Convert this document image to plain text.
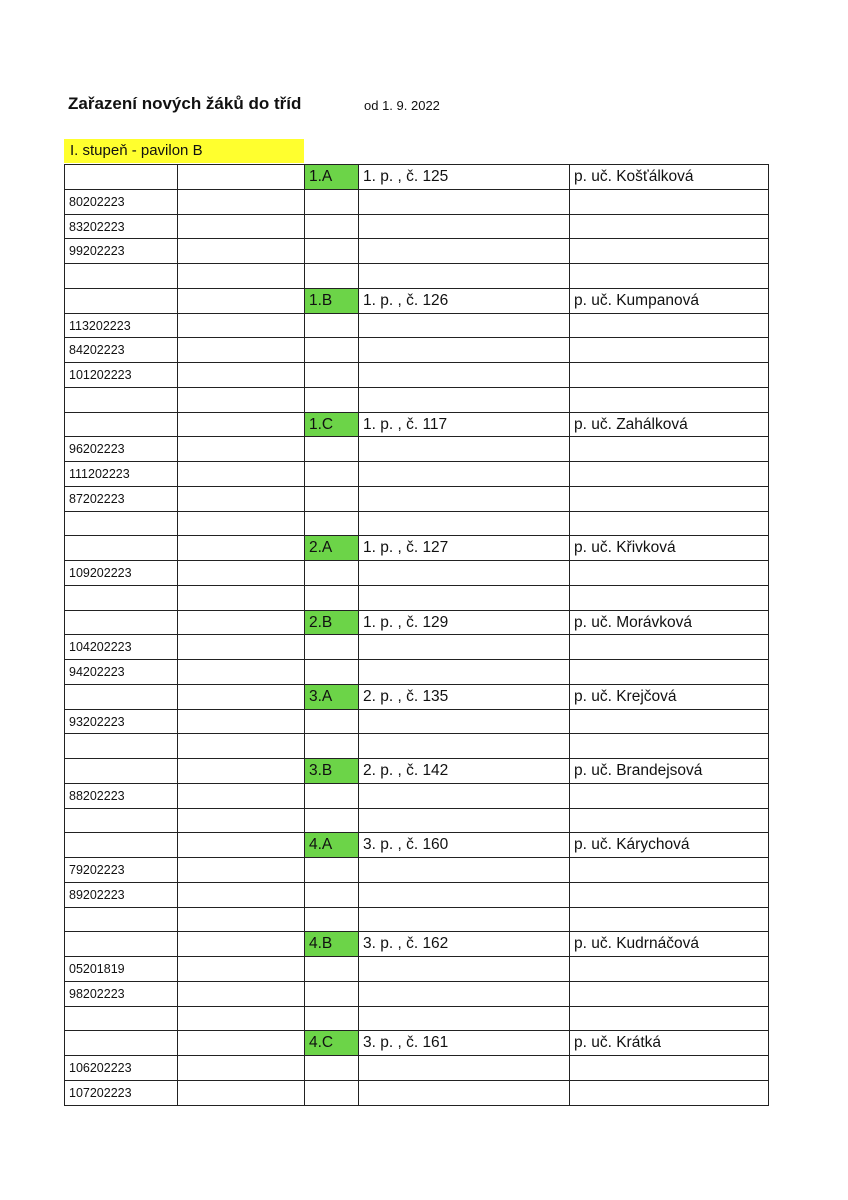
Zařazení nových žáků do tříd	od 1. 9. 2022
I. stupeň - pavilon B
1.A	1. p. , č. 125	p. uč. Košťálková
80202223
83202223
99202223
1.B	1. p. , č. 126	p. uč. Kumpanová
113202223
84202223
101202223
1.C	1. p. , č. 117	p. uč. Zahálková
96202223
111202223
87202223
2.A	1. p. , č. 127	p. uč. Křivková
109202223
2.B	1. p. , č. 129	p. uč. Morávková
104202223
94202223
3.A	2. p. , č. 135	p. uč. Krejčová
93202223
3.B	2. p. , č. 142	p. uč. Brandejsová
88202223
4.A	3. p. , č. 160	p. uč. Kárychová
79202223
89202223
4.B	3. p. , č. 162	p. uč. Kudrnáčová
05201819
98202223
4.C	3. p. , č. 161	p. uč. Krátká
106202223
107202223
